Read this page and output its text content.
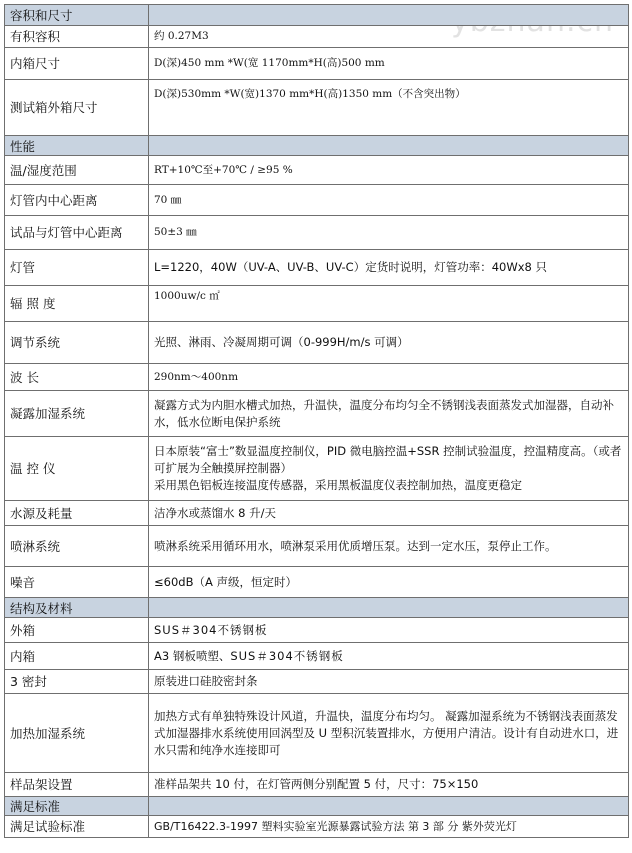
容积和尺寸	
有积容积	约 0.27M3
内箱尺寸	D(深)450 mm *W(宽 1170mm*H(高)500 mm
测试箱外箱尺寸	D(深)530mm *W(宽)1370 mm*H(高)1350 mm（不含突出物）
性能	
温/湿度范围	RT+10℃至+70℃ / ≥95 %
灯管内中心距离	70 ㎜
试品与灯管中心距离	50±3 ㎜
灯管	L=1220，40W（UV-A、UV-B、UV-C）定货时说明，灯管功率：40Wx8 只
辐 照 度	1000uw/c ㎡
调节系统	光照、淋雨、冷凝周期可调（0-999H/m/s 可调）
波 长	290nm～400nm
凝露加湿系统	凝露方式为内胆水槽式加热，升温快，温度分布均匀全不锈钢浅表面蒸发式加湿器，自动补水，低水位断电保护系统
温 控 仪	日本原装“富士”数显温度控制仪，PID 微电脑控温+SSR 控制试验温度，控温精度高。（或者可扩展为全触摸屏控制器）
采用黑色铝板连接温度传感器，采用黑板温度仪表控制加热，温度更稳定

水源及耗量	洁净水或蒸馏水 8 升/天
喷淋系统	喷淋系统采用循环用水，喷淋泵采用优质增压泵。达到一定水压，泵停止工作。
噪音	≤60dB（A 声级，恒定时）
结构及材料	
外箱	SUS＃304不锈钢板
内箱	A3 钢板喷塑、SUS＃304不锈钢板
3 密封	原装进口硅胶密封条
加热加湿系统	加热方式有单独特殊设计风道，升温快，温度分布均匀。 凝露加湿系统为不锈钢浅表面蒸发式加湿器排水系统使用回涡型及 U 型积沉装置排水，方便用户清洁。设计有自动进水口，进水只需和纯净水连接即可
样品架设置	准样品架共 10 付，在灯管两侧分别配置 5 付，尺寸：75×150
满足标准	
满足试验标准	GB/T16422.3-1997 塑料实验室光源暴露试验方法 第 3 部 分 紫外荧光灯
